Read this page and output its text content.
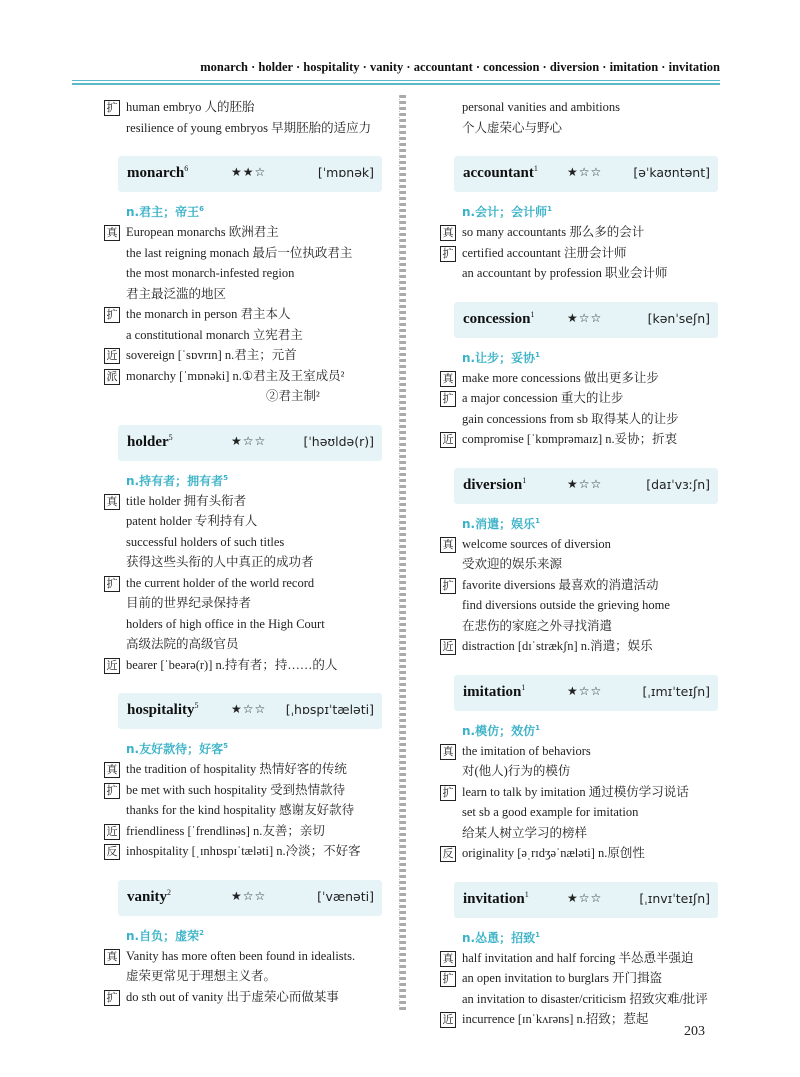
monarch · holder · hospitality · vanity · accountant · concession · diversion · imitation · invitation
扩 human embryo 人的胚胎
resilience of young embryos 早期胚胎的适应力
monarch$^6$	★★☆	[ˈmɒnək]
n.君主；帝王$^6$
真 European monarchs 欧洲君主
the last reigning monach 最后一位执政君主
the most monarch-infested region
君主最泛滥的地区
扩 the monarch in person 君主本人
a constitutional monarch 立宪君主
近 sovereign [ˈsɒvrɪn] n.君主；元首
派 monarchy [ˈmɒnəki] n.①君主及王室成员²
②君主制²
holder$^5$	★☆☆	[ˈhəʊldə(r)]
n.持有者；拥有者$^5$
真 title holder 拥有头衔者
patent holder 专利持有人
successful holders of such titles
获得这些头衔的人中真正的成功者
扩 the current holder of the world record
目前的世界纪录保持者
holders of high office in the High Court
高级法院的高级官员
近 bearer [ˈbeərə(r)] n.持有者；持……的人
hospitality$^5$	★☆☆ [ˌhɒspɪˈtæləti]
n.友好款待；好客$^5$
真 the tradition of hospitality 热情好客的传统
扩 be met with such hospitality 受到热情款待
thanks for the kind hospitality 感谢友好款待
近 friendliness [ˈfrendlinəs] n.友善；亲切
反 inhospitality [ˌɪnhɒspɪˈtæləti] n.冷淡；不好客
vanity$^2$	★☆☆	[ˈvænəti]
n.自负；虚荣$^2$
真 Vanity has more often been found in idealists.
虚荣更常见于理想主义者。
扩 do sth out of vanity 出于虚荣心而做某事
personal vanities and ambitions
个人虚荣心与野心
accountant$^1$ ★☆☆ [əˈkaʊntənt]
n.会计；会计师$^1$
真 so many accountants 那么多的会计
扩 certified accountant 注册会计师
an accountant by profession 职业会计师
concession$^1$	★☆☆	[kənˈseʃn]
n.让步；妥协$^1$
真 make more concessions 做出更多让步
扩 a major concession 重大的让步
gain concessions from sb 取得某人的让步
近 compromise [ˈkɒmprəmaɪz] n.妥协；折衷
diversion$^1$	★☆☆	[daɪˈvɜːʃn]
n.消遣；娱乐$^1$
真 welcome sources of diversion
受欢迎的娱乐来源
扩 favorite diversions 最喜欢的消遣活动
find diversions outside the grieving home
在悲伤的家庭之外寻找消遣
近 distraction [dɪˈstrækʃn] n.消遣；娱乐
imitation$^1$	★☆☆	[ˌɪmɪˈteɪʃn]
n.模仿；效仿$^1$
真 the imitation of behaviors
对(他人)行为的模仿
扩 learn to talk by imitation 通过模仿学习说话
set sb a good example for imitation
给某人树立学习的榜样
反 originality [əˌrɪdʒəˈnæləti] n.原创性
invitation$^1$	★☆☆	[ˌɪnvɪˈteɪʃn]
n.怂恿；招致$^1$
真 half invitation and half forcing 半怂恿半强迫
扩 an open invitation to burglars 开门揖盗
an invitation to disaster/criticism 招致灾难/批评
近 incurrence [ɪnˈkʌrəns] n.招致；惹起
203
